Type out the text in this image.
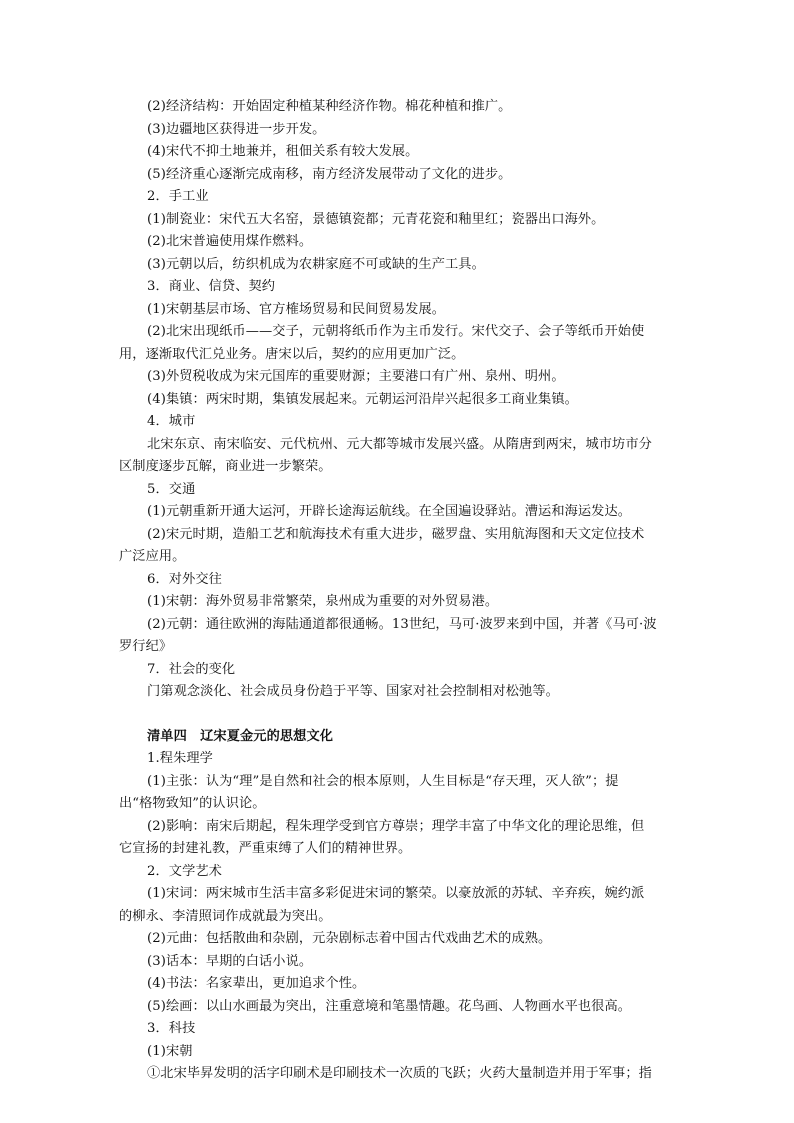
(2)经济结构：开始固定种植某种经济作物。棉花种植和推广。
(3)边疆地区获得进一步开发。
(4)宋代不抑土地兼并，租佃关系有较大发展。
(5)经济重心逐渐完成南移，南方经济发展带动了文化的进步。
2．手工业
(1)制瓷业：宋代五大名窑，景德镇瓷都；元青花瓷和釉里红；瓷器出口海外。
(2)北宋普遍使用煤作燃料。
(3)元朝以后，纺织机成为农耕家庭不可或缺的生产工具。
3．商业、信贷、契约
(1)宋朝基层市场、官方榷场贸易和民间贸易发展。
(2)北宋出现纸币——交子，元朝将纸币作为主币发行。宋代交子、会子等纸币开始使
用，逐渐取代汇兑业务。唐宋以后，契约的应用更加广泛。
(3)外贸税收成为宋元国库的重要财源；主要港口有广州、泉州、明州。
(4)集镇：两宋时期，集镇发展起来。元朝运河沿岸兴起很多工商业集镇。
4．城市
北宋东京、南宋临安、元代杭州、元大都等城市发展兴盛。从隋唐到两宋，城市坊市分
区制度逐步瓦解，商业进一步繁荣。
5．交通
(1)元朝重新开通大运河，开辟长途海运航线。在全国遍设驿站。漕运和海运发达。
(2)宋元时期，造船工艺和航海技术有重大进步，磁罗盘、实用航海图和天文定位技术
广泛应用。
6．对外交往
(1)宋朝：海外贸易非常繁荣，泉州成为重要的对外贸易港。
(2)元朝：通往欧洲的海陆通道都很通畅。13世纪，马可·波罗来到中国，并著《马可·波
罗行纪》
7．社会的变化
门第观念淡化、社会成员身份趋于平等、国家对社会控制相对松弛等。
清单四　辽宋夏金元的思想文化
1.程朱理学
(1)主张：认为“理”是自然和社会的根本原则，人生目标是“存天理，灭人欲”；提
出“格物致知”的认识论。
(2)影响：南宋后期起，程朱理学受到官方尊崇；理学丰富了中华文化的理论思维，但
它宣扬的封建礼教，严重束缚了人们的精神世界。
2．文学艺术
(1)宋词：两宋城市生活丰富多彩促进宋词的繁荣。以豪放派的苏轼、辛弃疾，婉约派
的柳永、李清照词作成就最为突出。
(2)元曲：包括散曲和杂剧，元杂剧标志着中国古代戏曲艺术的成熟。
(3)话本：早期的白话小说。
(4)书法：名家辈出，更加追求个性。
(5)绘画：以山水画最为突出，注重意境和笔墨情趣。花鸟画、人物画水平也很高。
3．科技
(1)宋朝
①北宋毕昇发明的活字印刷术是印刷技术一次质的飞跃；火药大量制造并用于军事；指
